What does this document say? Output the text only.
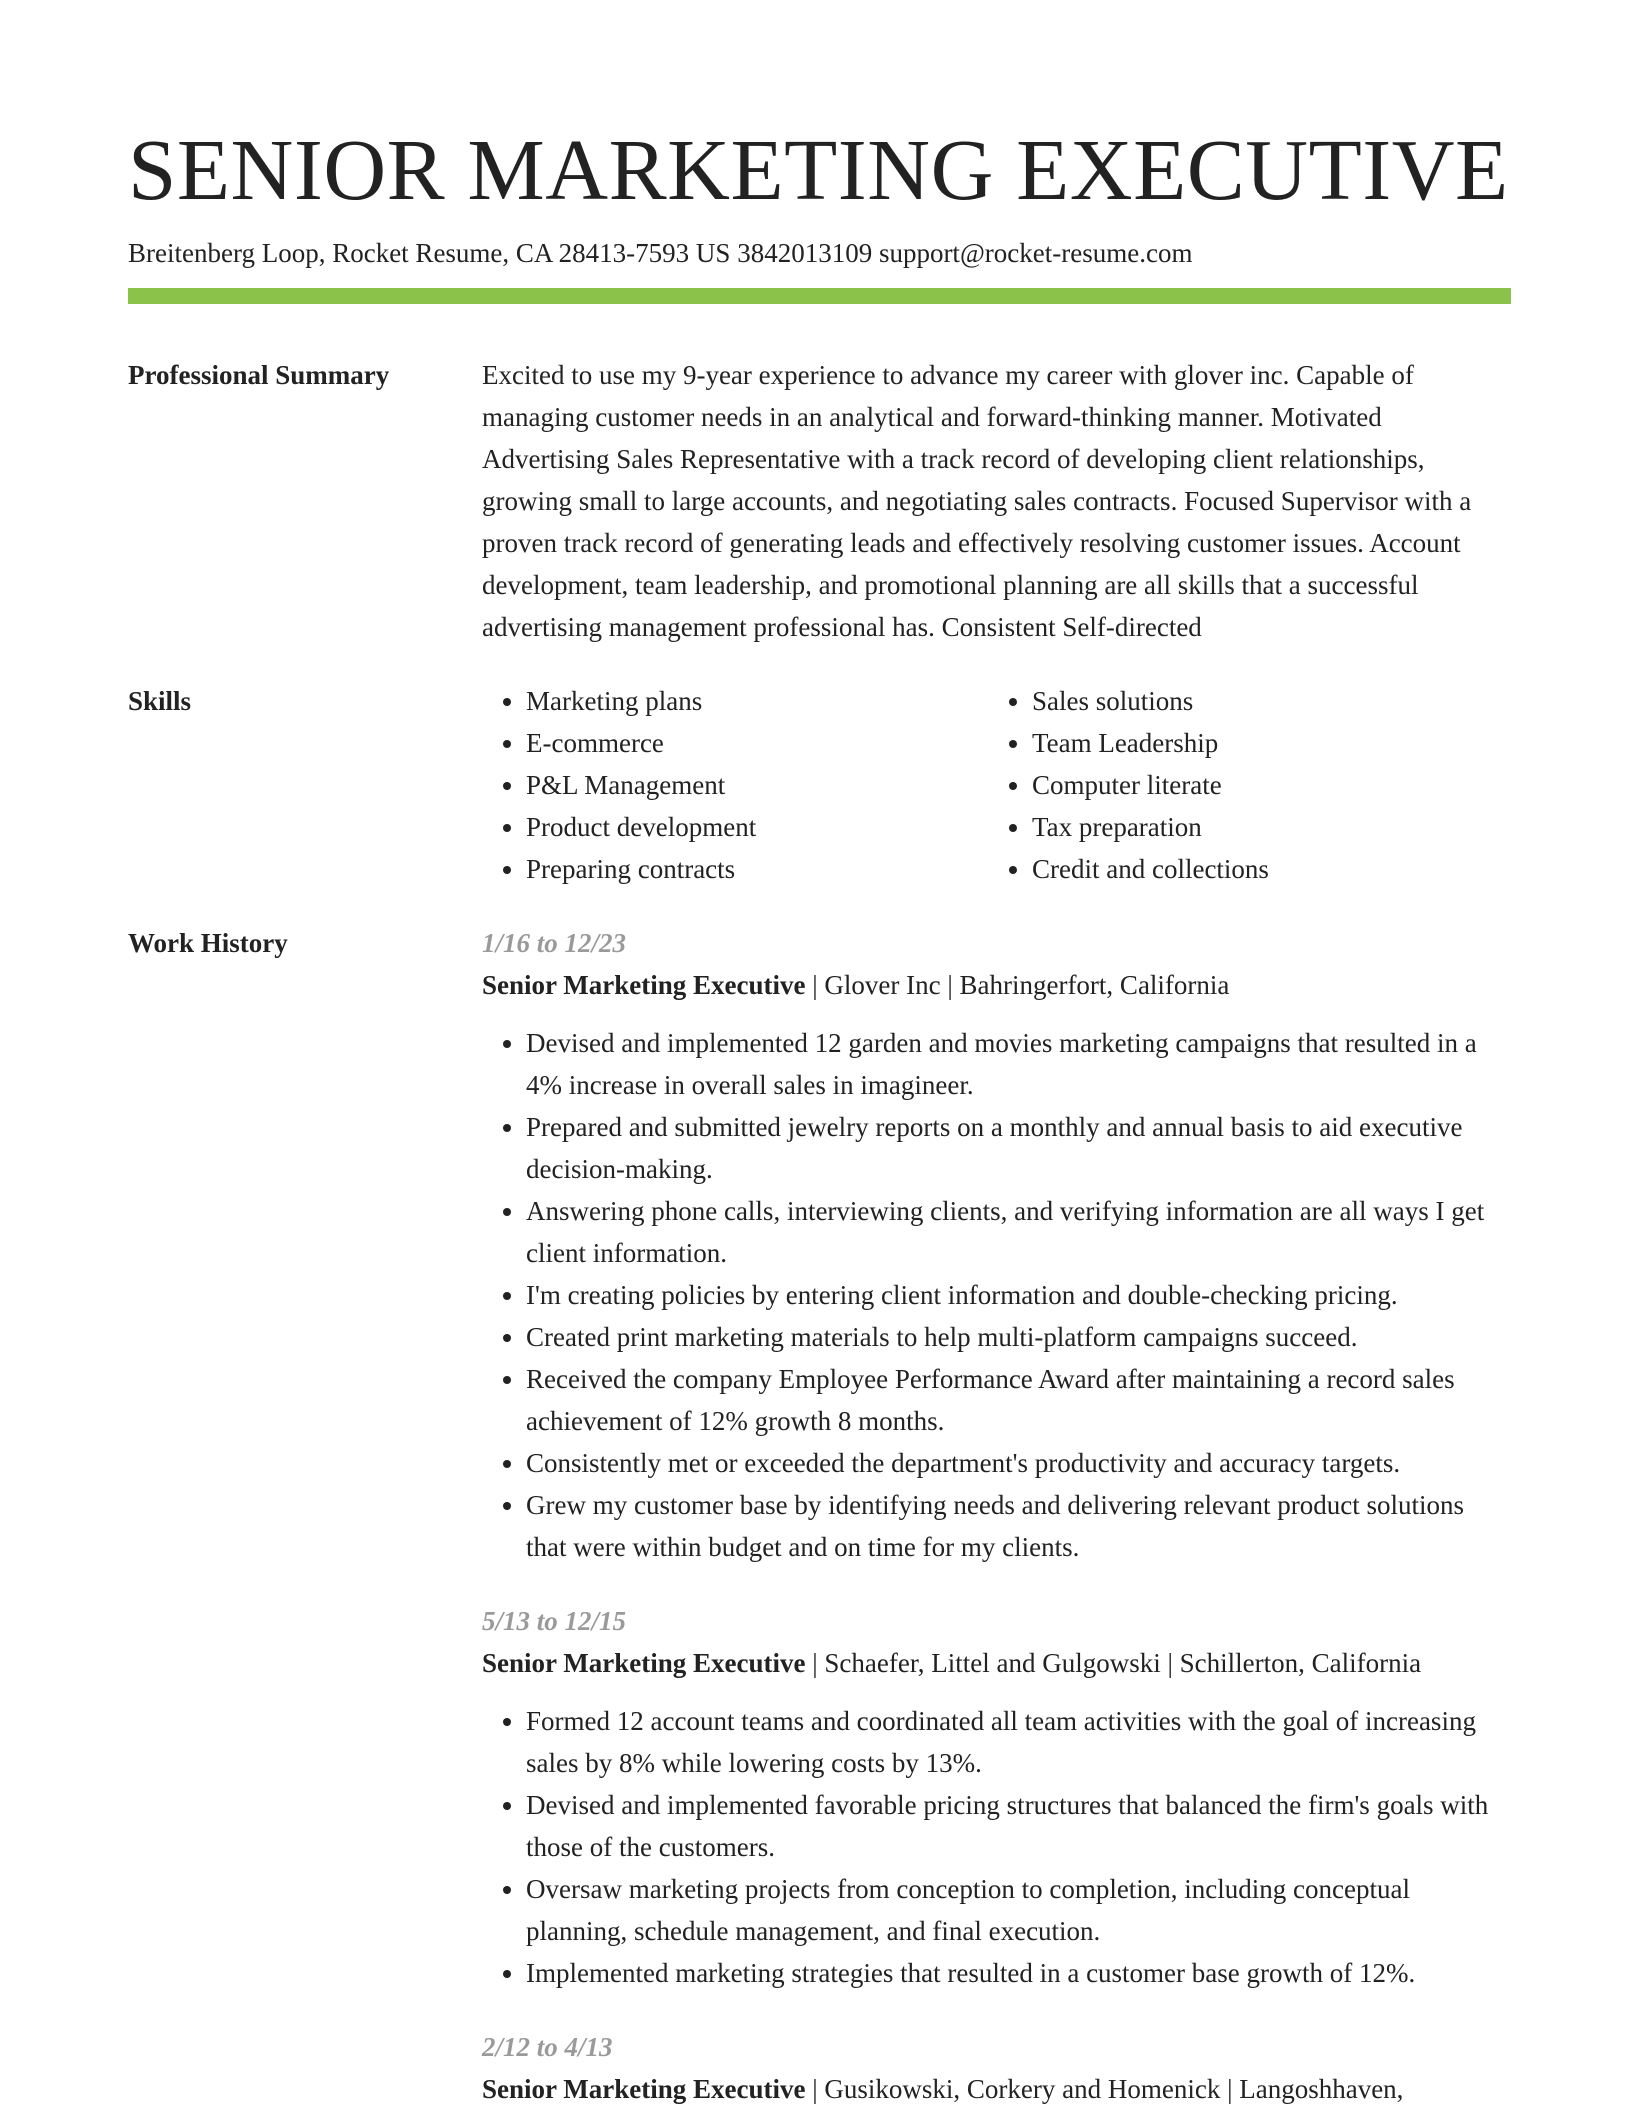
SENIOR MARKETING EXECUTIVE
Breitenberg Loop, Rocket Resume, CA 28413-7593 US 3842013109 support@rocket-resume.com
Professional Summary	Excited to use my 9-year experience to advance my career with glover inc. Capable of managing customer needs in an analytical and forward-thinking manner. Motivated Advertising Sales Representative with a track record of developing client relationships, growing small to large accounts, and negotiating sales contracts. Focused Supervisor with a proven track record of generating leads and effectively resolving customer issues. Account development, team leadership, and promotional planning are all skills that a successful advertising management professional has. Consistent Self-directed

Skills
•	Marketing plans
• E-commerce
• P&L Management
• Product development
• Preparing contracts
• Sales solutions
• Team Leadership
• Computer literate
• Tax preparation
• Credit and collections
Work History	1/16 to 12/23
Senior Marketing Executive | Glover Inc | Bahringerfort, California
• Devised and implemented 12 garden and movies marketing campaigns that resulted in a 4% increase in overall sales in imagineer.
• Prepared and submitted jewelry reports on a monthly and annual basis to aid executive decision-making.
• Answering phone calls, interviewing clients, and verifying information are all ways I get client information.
• I'm creating policies by entering client information and double-checking pricing.
• Created print marketing materials to help multi-platform campaigns succeed.
• Received the company Employee Performance Award after maintaining a record sales achievement of 12% growth 8 months.
• Consistently met or exceeded the department's productivity and accuracy targets.
• Grew my customer base by identifying needs and delivering relevant product solutions that were within budget and on time for my clients.
5/13 to 12/15
Senior Marketing Executive | Schaefer, Littel and Gulgowski | Schillerton, California
• Formed 12 account teams and coordinated all team activities with the goal of increasing sales by 8% while lowering costs by 13%.
• Devised and implemented favorable pricing structures that balanced the firm's goals with those of the customers.
• Oversaw marketing projects from conception to completion, including conceptual planning, schedule management, and final execution.
• Implemented marketing strategies that resulted in a customer base growth of 12%.
2/12 to 4/13
Senior Marketing Executive | Gusikowski, Corkery and Homenick | Langoshhaven,
